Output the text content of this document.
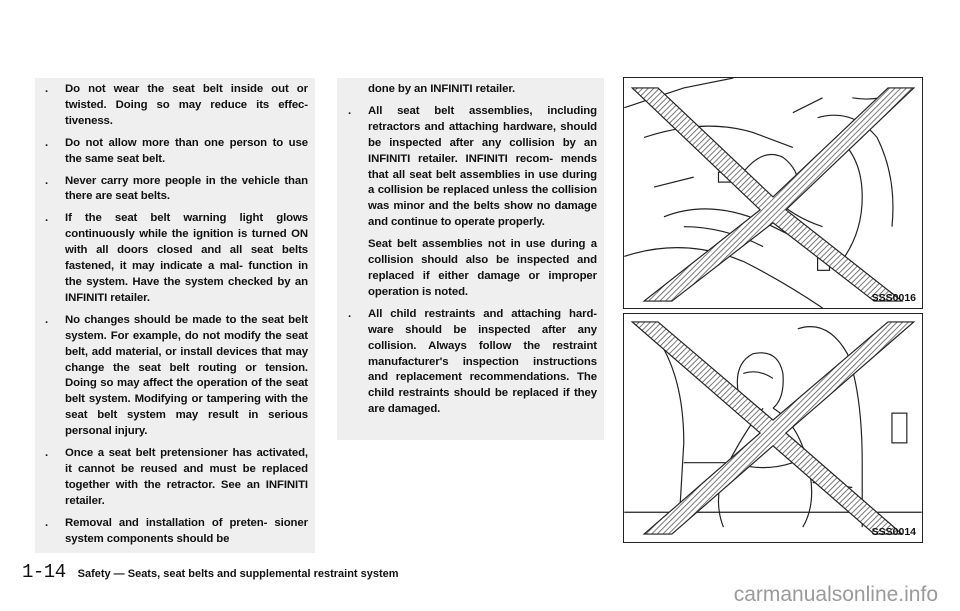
. Do not wear the seat belt inside out or twisted. Doing so may reduce its effec- tiveness.
. Do not allow more than one person to use the same seat belt.
. Never carry more people in the vehicle than there are seat belts.
. If the seat belt warning light glows continuously while the ignition is turned ON with all doors closed and all seat belts fastened, it may indicate a mal- function in the system. Have the system checked by an INFINITI retailer.
. No changes should be made to the seat belt system. For example, do not modify the seat belt, add material, or install devices that may change the seat belt routing or tension. Doing so may affect the operation of the seat belt system. Modifying or tampering with the seat belt system may result in serious personal injury.
. Once a seat belt pretensioner has activated, it cannot be reused and must be replaced together with the retractor. See an INFINITI retailer.
. Removal and installation of preten- sioner system components should be
done by an INFINITI retailer.
. All seat belt assemblies, including retractors and attaching hardware, should be inspected after any collision by an INFINITI retailer. INFINITI recom- mends that all seat belt assemblies in use during a collision be replaced unless the collision was minor and the belts show no damage and continue to operate properly.
Seat belt assemblies not in use during a collision should also be inspected and replaced if either damage or improper operation is noted.
. All child restraints and attaching hard- ware should be inspected after any collision. Always follow the restraint manufacturer's inspection instructions and replacement recommendations. The child restraints should be replaced if they are damaged.
SSS0016
SSS0014
1-14 Safety — Seats, seat belts and supplemental restraint system
carmanualsonline.info
